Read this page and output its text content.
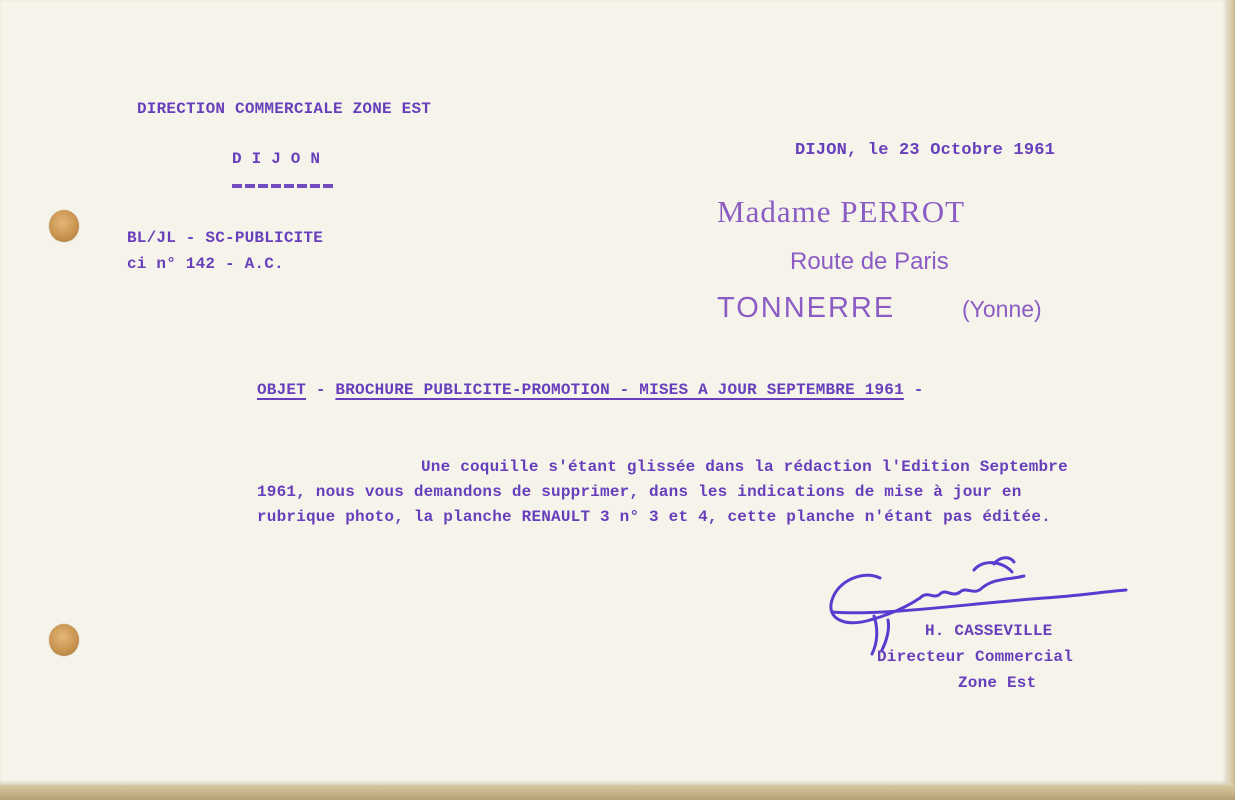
DIRECTION COMMERCIALE ZONE EST
D I J O N
BL/JL - SC-PUBLICITE
ci n° 142 - A.C.
DIJON, le 23 Octobre 1961
Madame PERROT
Route de Paris
TONNERRE	(Yonne)
OBJET - BROCHURE PUBLICITE-PROMOTION - MISES A JOUR SEPTEMBRE 1961 -
Une coquille s'étant glissée dans la rédaction l'Edition Septembre
1961, nous vous demandons de supprimer, dans les indications de mise à jour en
rubrique photo, la planche RENAULT 3 n° 3 et 4, cette planche n'étant pas éditée.
H. CASSEVILLE
Directeur Commercial
Zone Est
